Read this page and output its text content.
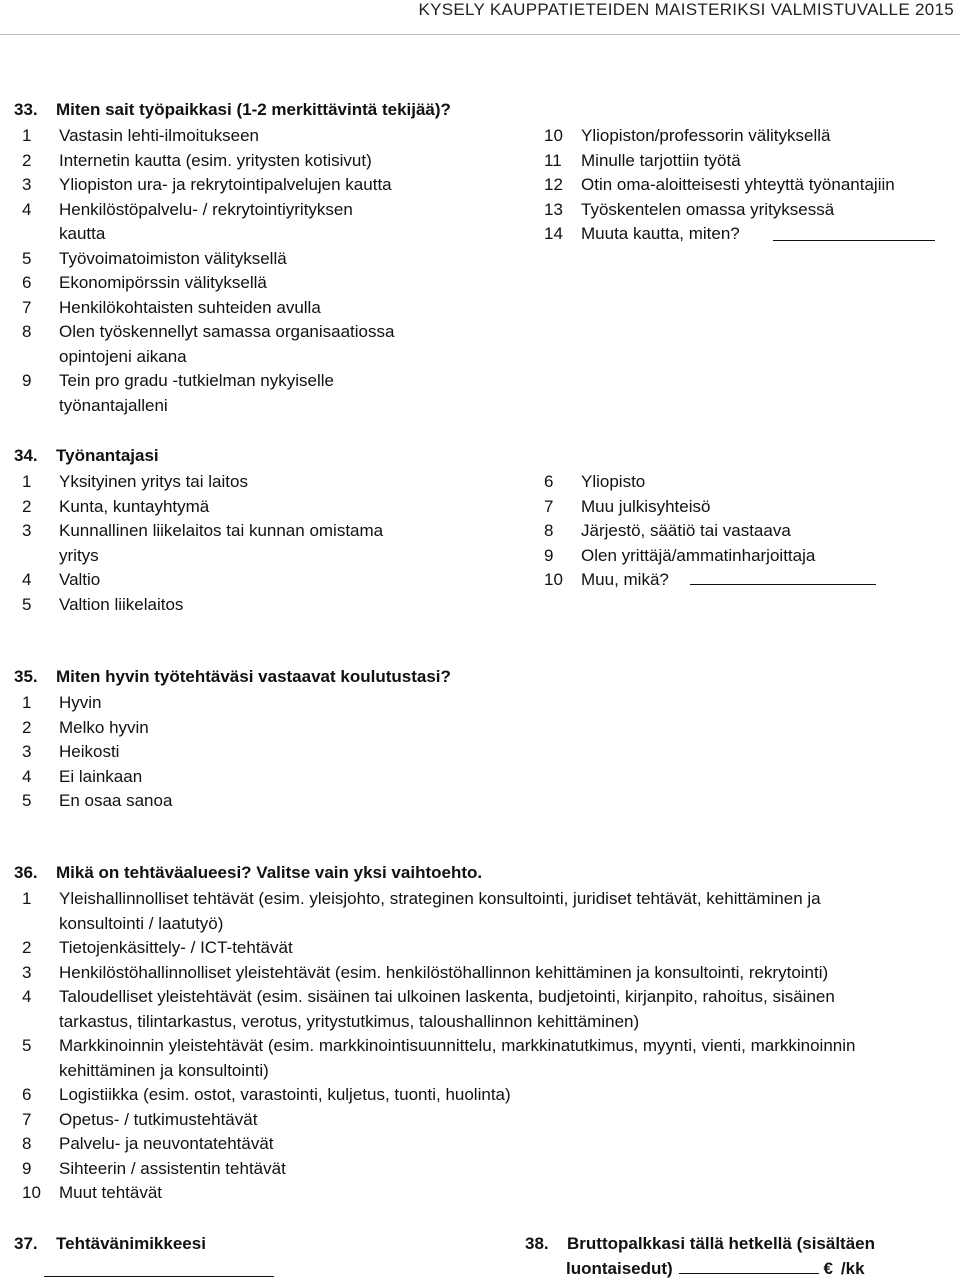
KYSELY KAUPPATIETEIDEN MAISTERIKSI VALMISTUVALLE 2015
33. Miten sait työpaikkasi (1-2 merkittävintä tekijää)?
1 Vastasin lehti-ilmoitukseen
2 Internetin kautta (esim. yritysten kotisivut)
3 Yliopiston ura- ja rekrytointipalvelujen kautta
4 Henkilöstöpalvelu- / rekrytointiyrityksen
kautta
5 Työvoimatoimiston välityksellä
6 Ekonomipörssin välityksellä
7 Henkilökohtaisten suhteiden avulla
8 Olen työskennellyt samassa organisaatiossa
opintojeni aikana
9 Tein pro gradu -tutkielman nykyiselle
työnantajalleni
10 Yliopiston/professorin välityksellä
11 Minulle tarjottiin työtä
12 Otin oma-aloitteisesti yhteyttä työnantajiin
13 Työskentelen omassa yrityksessä
14 Muuta kautta, miten?
34. Työnantajasi
1 Yksityinen yritys tai laitos
2 Kunta, kuntayhtymä
3 Kunnallinen liikelaitos tai kunnan omistama
yritys
4 Valtio
5 Valtion liikelaitos
6 Yliopisto
7 Muu julkisyhteisö
8 Järjestö, säätiö tai vastaava
9 Olen yrittäjä/ammatinharjoittaja
10 Muu, mikä?
35. Miten hyvin työtehtäväsi vastaavat koulutustasi?
1 Hyvin
2 Melko hyvin
3 Heikosti
4 Ei lainkaan
5 En osaa sanoa
36. Mikä on tehtäväalueesi? Valitse vain yksi vaihtoehto.
1 Yleishallinnolliset tehtävät (esim. yleisjohto, strateginen konsultointi, juridiset tehtävät, kehittäminen ja
konsultointi / laatutyö)
2 Tietojenkäsittely- / ICT-tehtävät
3 Henkilöstöhallinnolliset yleistehtävät (esim. henkilöstöhallinnon kehittäminen ja konsultointi, rekrytointi)
4 Taloudelliset yleistehtävät (esim. sisäinen tai ulkoinen laskenta, budjetointi, kirjanpito, rahoitus, sisäinen
tarkastus, tilintarkastus, verotus, yritystutkimus, taloushallinnon kehittäminen)
5 Markkinoinnin yleistehtävät (esim. markkinointisuunnittelu, markkinatutkimus, myynti, vienti, markkinoinnin
kehittäminen ja konsultointi)
6 Logistiikka (esim. ostot, varastointi, kuljetus, tuonti, huolinta)
7 Opetus- / tutkimustehtävät
8 Palvelu- ja neuvontatehtävät
9 Sihteerin / assistentin tehtävät
10 Muut tehtävät
37. Tehtävänimikkeesi	38. Bruttopalkkasi tällä hetkellä (sisältäen
luontaisedut)	€ /kk
